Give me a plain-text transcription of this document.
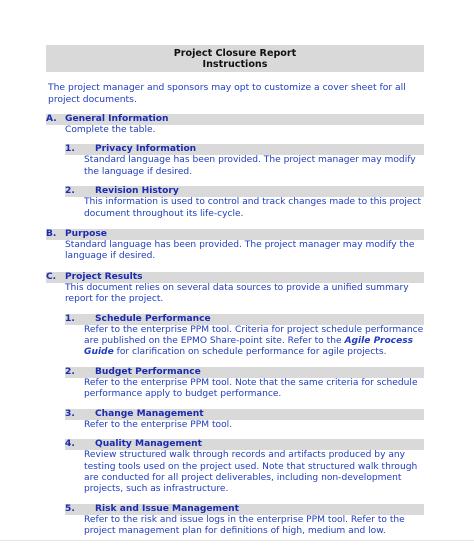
Project Closure Report
Instructions
The project manager and sponsors may opt to customize a cover sheet for all project documents.
A. General Information
Complete the table.
1.	Privacy Information
Standard language has been provided. The project manager may modify the language if desired.
2.	Revision History
This information is used to control and track changes made to this project document throughout its life-cycle.
B. Purpose
Standard language has been provided. The project manager may modify the language if desired.
C. Project Results
This document relies on several data sources to provide a unified summary report for the project.
1.	Schedule Performance
Refer to the enterprise PPM tool. Criteria for project schedule performance are published on the EPMO Share-point site. Refer to the Agile Process Guide for clarification on schedule performance for agile projects.
2.	Budget Performance
Refer to the enterprise PPM tool. Note that the same criteria for schedule performance apply to budget performance.
3.	Change Management
Refer to the enterprise PPM tool.
4.	Quality Management
Review structured walk through records and artifacts produced by any testing tools used on the project used. Note that structured walk through are conducted for all project deliverables, including non-development projects, such as infrastructure.
5.	Risk and Issue Management
Refer to the risk and issue logs in the enterprise PPM tool. Refer to the project management plan for definitions of high, medium and low.
